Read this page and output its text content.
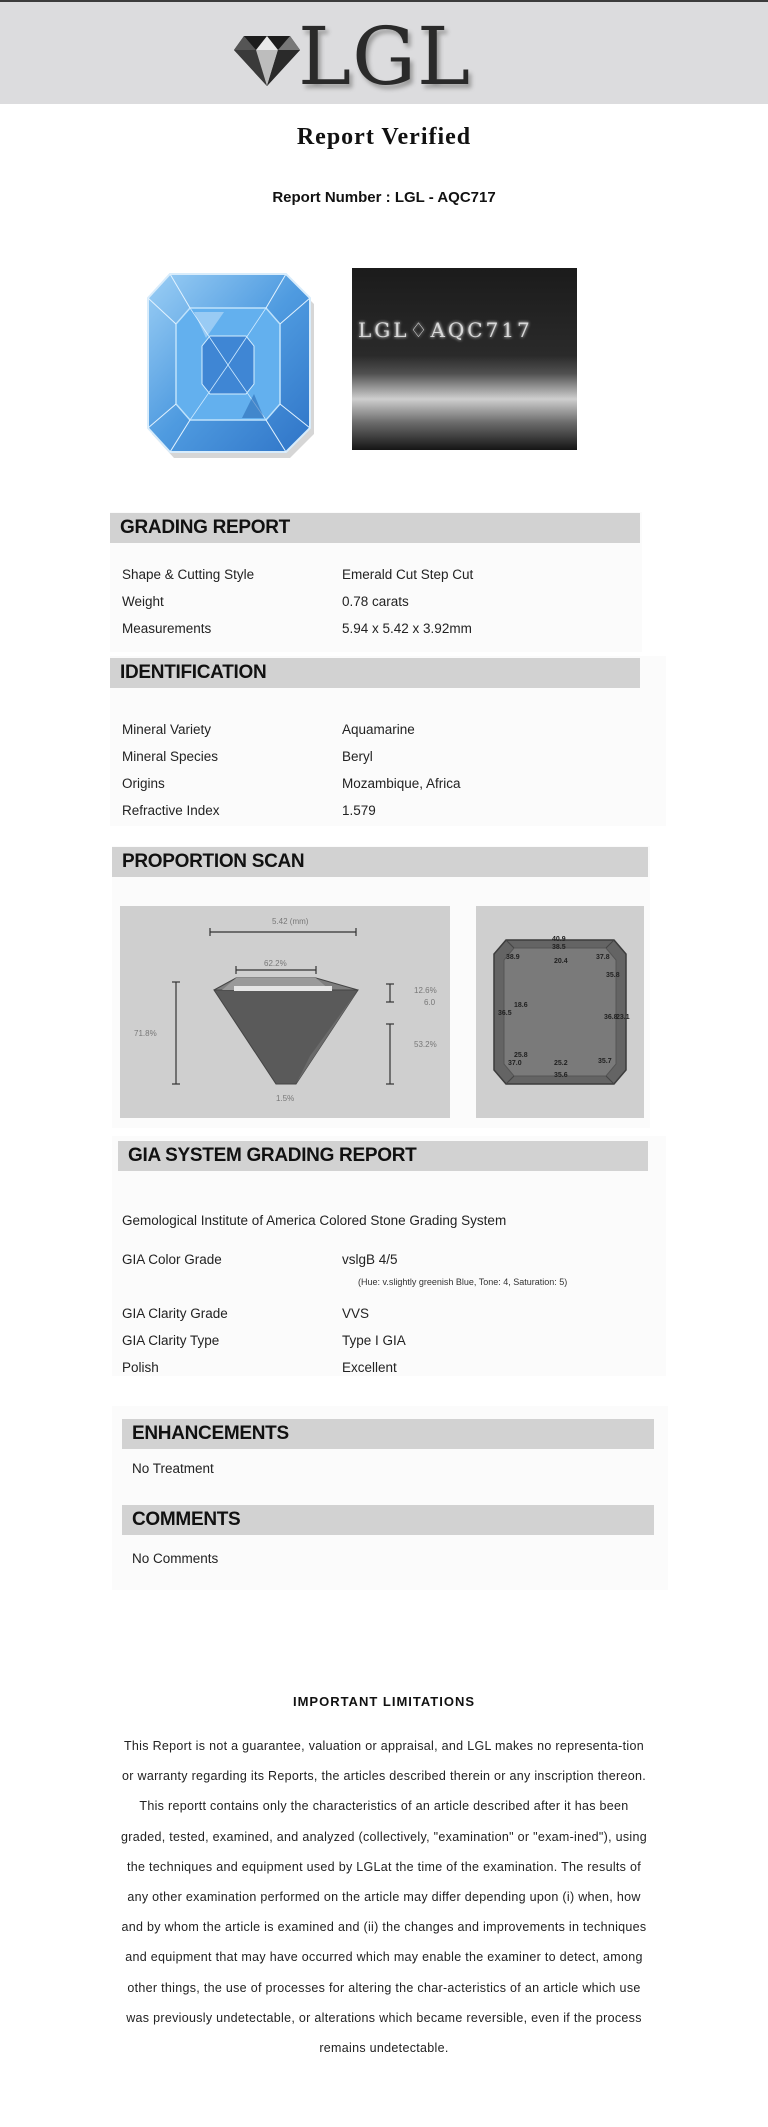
LGL
Report Verified
Report Number : LGL - AQC717
LGL♢AQC717
GRADING REPORT
Shape & Cutting Style	Emerald Cut Step Cut
Weight	0.78 carats
Measurements	5.94 x 5.42 x 3.92mm
IDENTIFICATION
Mineral Variety	Aquamarine
Mineral Species	Beryl
Origins	Mozambique, Africa
Refractive Index	1.579
PROPORTION SCAN
5.42 (mm)
62.2%
71.8%
12.6%
6.0
53.2%
1.5%
40.9
38.5
20.4
38.9	37.8
35.8
18.6
36.5
36.8
23.1
25.8
37.0	25.2	35.7
35.6
GIA SYSTEM GRADING REPORT
Gemological Institute of America Colored Stone Grading System
GIA Color Grade	vslgB 4/5
(Hue: v.slightly greenish Blue, Tone: 4, Saturation: 5)
GIA Clarity Grade	VVS
GIA Clarity Type	Type I GIA
Polish	Excellent
ENHANCEMENTS
No Treatment
COMMENTS
No Comments
IMPORTANT LIMITATIONS
This Report is not a guarantee, valuation or appraisal, and LGL makes no representa-tion or warranty regarding its Reports, the articles described therein or any inscription thereon. This reportt contains only the characteristics of an article described after it has been graded, tested, examined, and analyzed (collectively, "examination" or "exam-ined"), using the techniques and equipment used by LGLat the time of the examination. The results of any other examination performed on the article may differ depending upon (i) when, how and by whom the article is examined and (ii) the changes and improvements in techniques and equipment that may have occurred which may enable the examiner to detect, among other things, the use of processes for altering the char-acteristics of an article which use was previously undetectable, or alterations which became reversible, even if the process remains undetectable.
